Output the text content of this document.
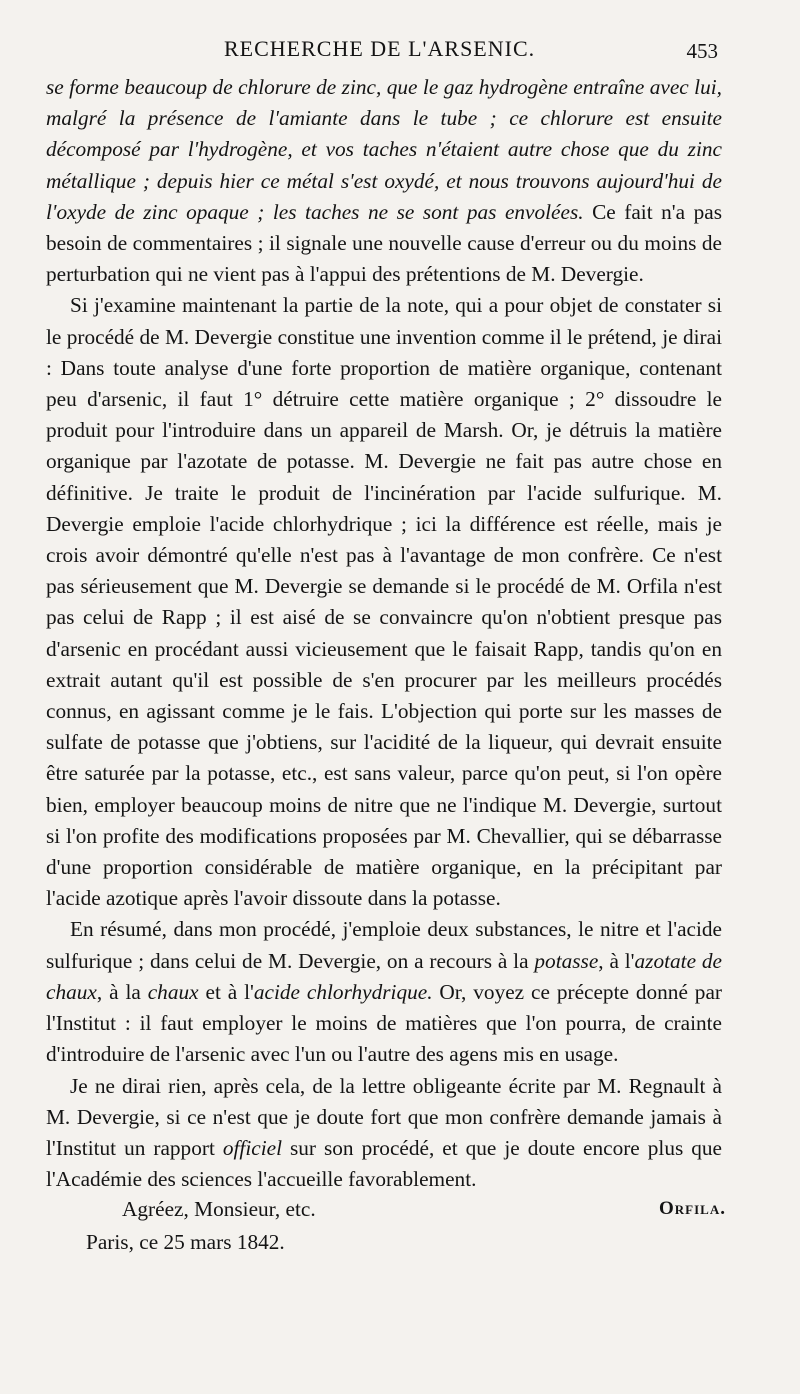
RECHERCHE DE L'ARSENIC.	453

se forme beaucoup de chlorure de zinc, que le gaz hydrogène entraîne avec lui, malgré la présence de l'amiante dans le tube ; ce chlorure est ensuite décomposé par l'hydrogène, et vos taches n'étaient autre chose que du zinc métallique ; depuis hier ce métal s'est oxydé, et nous trouvons aujourd'hui de l'oxyde de zinc opaque ; les taches ne se sont pas envolées. Ce fait n'a pas besoin de commentaires ; il signale une nouvelle cause d'erreur ou du moins de perturbation qui ne vient pas à l'appui des prétentions de M. Devergie.

Si j'examine maintenant la partie de la note, qui a pour objet de constater si le procédé de M. Devergie constitue une invention comme il le prétend, je dirai : Dans toute analyse d'une forte proportion de matière organique, contenant peu d'arsenic, il faut 1° détruire cette matière organique ; 2° dissoudre le produit pour l'introduire dans un appareil de Marsh. Or, je détruis la matière organique par l'azotate de potasse. M. Devergie ne fait pas autre chose en définitive. Je traite le produit de l'incinération par l'acide sulfurique. M. Devergie emploie l'acide chlorhydrique ; ici la différence est réelle, mais je crois avoir démontré qu'elle n'est pas à l'avantage de mon confrère. Ce n'est pas sérieusement que M. Devergie se demande si le procédé de M. Orfila n'est pas celui de Rapp ; il est aisé de se convaincre qu'on n'obtient presque pas d'arsenic en procédant aussi vicieusement que le faisait Rapp, tandis qu'on en extrait autant qu'il est possible de s'en procurer par les meilleurs procédés connus, en agissant comme je le fais. L'objection qui porte sur les masses de sulfate de potasse que j'obtiens, sur l'acidité de la liqueur, qui devrait ensuite être saturée par la potasse, etc., est sans valeur, parce qu'on peut, si l'on opère bien, employer beaucoup moins de nitre que ne l'indique M. Devergie, surtout si l'on profite des modifications proposées par M. Chevallier, qui se débarrasse d'une proportion considérable de matière organique, en la précipitant par l'acide azotique après l'avoir dissoute dans la potasse.

En résumé, dans mon procédé, j'emploie deux substances, le nitre et l'acide sulfurique ; dans celui de M. Devergie, on a recours à la potasse, à l'azotate de chaux, à la chaux et à l'acide chlorhydrique. Or, voyez ce précepte donné par l'Institut : il faut employer le moins de matières que l'on pourra, de crainte d'introduire de l'arsenic avec l'un ou l'autre des agens mis en usage.

Je ne dirai rien, après cela, de la lettre obligeante écrite par M. Regnault à M. Devergie, si ce n'est que je doute fort que mon confrère demande jamais à l'Institut un rapport officiel sur son procédé, et que je doute encore plus que l'Académie des sciences l'accueille favorablement.

Agréez, Monsieur, etc.	Orfila.
Paris, ce 25 mars 1842.
